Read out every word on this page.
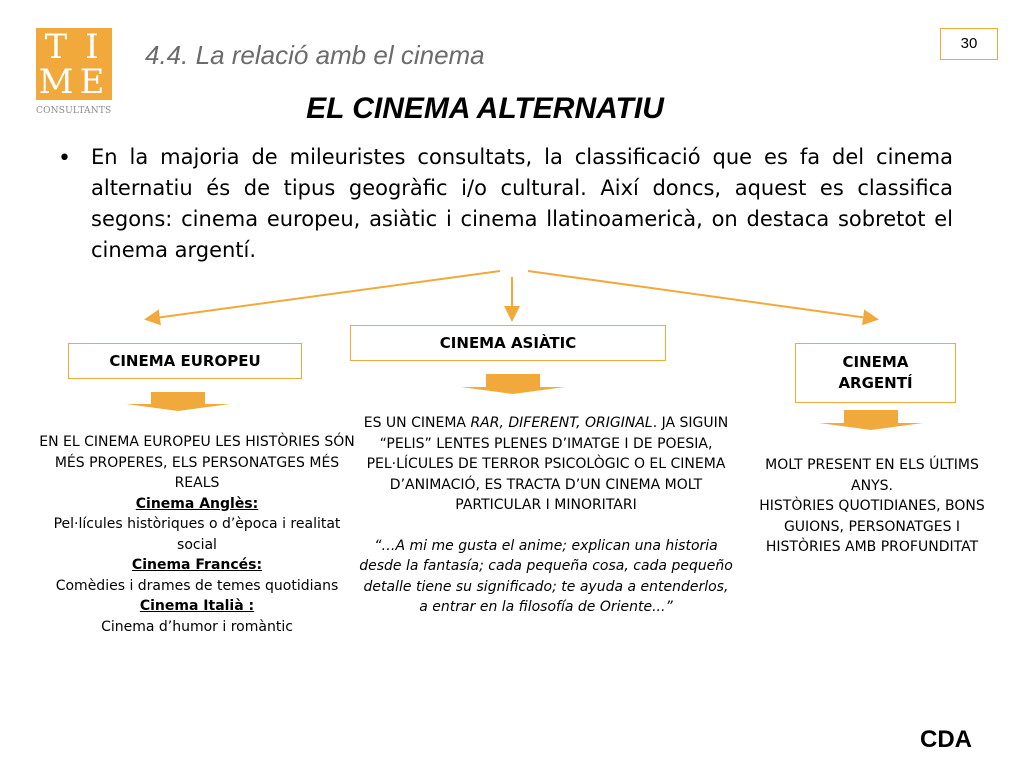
T I
M E
CONSULTANTS
4.4. La relació amb el cinema	30
EL CINEMA ALTERNATIU
• En la majoria de mileuristes consultats, la classificació que es fa del cinema alternatiu és de tipus geogràfic i/o cultural. Així doncs, aquest es classifica segons: cinema europeu, asiàtic i cinema llatinoamericà, on destaca sobretot el cinema argentí.
CINEMA EUROPEU
CINEMA ASIÀTIC
CINEMA
ARGENTÍ
EN EL CINEMA EUROPEU LES HISTÒRIES SÓN MÉS PROPERES, ELS PERSONATGES MÉS REALS
Cinema Anglès:
Pel·lícules històriques o d’època i realitat social
Cinema Francés:
Comèdies i drames de temes quotidians
Cinema Italià :
Cinema d’humor i romàntic
ES UN CINEMA RAR, DIFERENT, ORIGINAL. JA SIGUIN “PELIS” LENTES PLENES D’IMATGE I DE POESIA, PEL·LÍCULES DE TERROR PSICOLÒGIC O EL CINEMA D’ANIMACIÓ, ES TRACTA D’UN CINEMA MOLT PARTICULAR I MINORITARI
“…A mi me gusta el anime; explican una historia desde la fantasía; cada pequeña cosa, cada pequeño detalle tiene su significado; te ayuda a entenderlos, a entrar en la filosofía de Oriente...”
MOLT PRESENT EN ELS ÚLTIMS ANYS.
HISTÒRIES QUOTIDIANES, BONS GUIONS, PERSONATGES I HISTÒRIES AMB PROFUNDITAT
CDA
